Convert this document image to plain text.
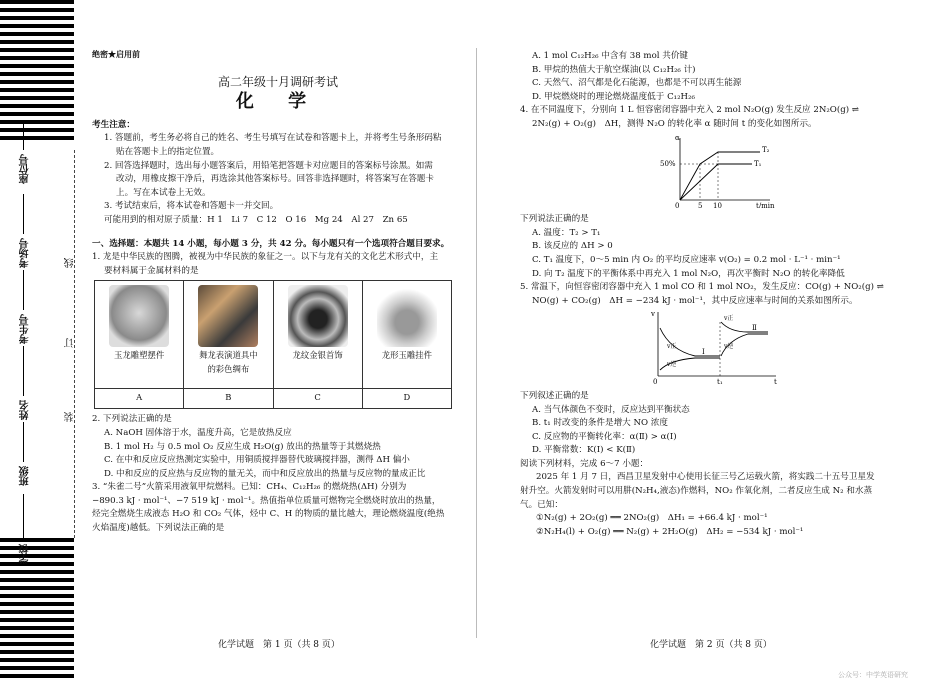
座位号
考场号
考生号
姓名
班级
学校
线
订
装

绝密★启用前

高二年级十月调研考试

化 学

考生注意：

1. 答题前，考生务必将自己的姓名、考生号填写在试卷和答题卡上，并将考生号条形码粘

贴在答题卡上的指定位置。

2. 回答选择题时，选出每小题答案后，用铅笔把答题卡对应题目的答案标号涂黑。如需

改动，用橡皮擦干净后，再选涂其他答案标号。回答非选择题时，将答案写在答题卡

上。写在本试卷上无效。

3. 考试结束后，将本试卷和答题卡一并交回。

可能用到的相对原子质量：H 1　Li 7　C 12　O 16　Mg 24　Al 27　Zn 65

一、选择题：本题共 14 小题，每小题 3 分，共 42 分。每小题只有一个选项符合题目要求。

1. 龙是中华民族的图腾，被视为中华民族的象征之一。以下与龙有关的文化艺术形式中，主

要材料属于金属材料的是

玉龙雕塑摆件	舞龙表演道具中
的彩色绸布	龙纹金银首饰	龙形玉雕挂件
A	B	C	D

2. 下列说法正确的是

A. NaOH 固体溶于水，温度升高，它是放热反应

B. 1 mol H₂ 与 0.5 mol O₂ 反应生成 H₂O(g) 放出的热量等于其燃烧热

C. 在中和反应反应热测定实验中，用铜质搅拌器替代玻璃搅拌器，测得 ΔH 偏小

D. 中和反应的反应热与反应物的量无关，而中和反应放出的热量与反应物的量成正比

3. “朱雀二号”火箭采用液氧甲烷燃料。已知：CH₄、C₁₂H₂₆ 的燃烧热(ΔH) 分别为

−890.3 kJ · mol⁻¹、−7 519 kJ · mol⁻¹。热值指单位质量可燃物完全燃烧时放出的热量，

烃完全燃烧生成液态 H₂O 和 CO₂ 气体，烃中 C、H 的物质的量比越大，理论燃烧温度(绝热

火焰温度)越低。下列说法正确的是

化学试题　第 1 页（共 8 页）

A. 1 mol C₁₂H₂₆ 中含有 38 mol 共价键

B. 甲烷的热值大于航空煤油(以 C₁₂H₂₆ 计)

C. 天然气、沼气都是化石能源，也都是不可以再生能源

D. 甲烷燃烧时的理论燃烧温度低于 C₁₂H₂₆

4. 在不同温度下，分别向 1 L 恒容密闭容器中充入 2 mol N₂O(g) 发生反应 2N₂O(g) ⇌

2N₂(g) + O₂(g)　ΔH，测得 N₂O 的转化率 α 随时间 t 的变化如图所示。

α
50%
T₂
T₁
0	5 10	t/min

下列说法正确的是

A. 温度：T₂ > T₁

B. 该反应的 ΔH > 0

C. T₁ 温度下，0～5 min 内 O₂ 的平均反应速率 v(O₂) = 0.2 mol · L⁻¹ · min⁻¹

D. 向 T₂ 温度下的平衡体系中再充入 1 mol N₂O，再次平衡时 N₂O 的转化率降低

5. 常温下，向恒容密闭容器中充入 1 mol CO 和 1 mol NO₂，发生反应：CO(g) + NO₂(g) ⇌

NO(g) + CO₂(g)　ΔH = −234 kJ · mol⁻¹，其中反应速率与时间的关系如图所示。

v
v正
v逆
Ⅰ
v正
v逆
Ⅱ
0	t₁	t

下列叙述正确的是

A. 当气体颜色不变时，反应达到平衡状态

B. t₁ 时改变的条件是增大 NO 浓度

C. 反应物的平衡转化率：α(Ⅱ) > α(Ⅰ)

D. 平衡常数：K(Ⅰ) < K(Ⅱ)

阅读下列材料，完成 6～7 小题：

2025 年 1 月 7 日，西昌卫星发射中心使用长征三号乙运载火箭，将实践二十五号卫星发

射升空。火箭发射时可以用肼(N₂H₄,液态)作燃料，NO₂ 作氧化剂，二者反应生成 N₂ 和水蒸

气。已知：

①N₂(g) + 2O₂(g) ══ 2NO₂(g)　ΔH₁ = +66.4 kJ · mol⁻¹

②N₂H₄(l) + O₂(g) ══ N₂(g) + 2H₂O(g)　ΔH₂ = −534 kJ · mol⁻¹

化学试题　第 2 页（共 8 页）
公众号：中学英语研究
